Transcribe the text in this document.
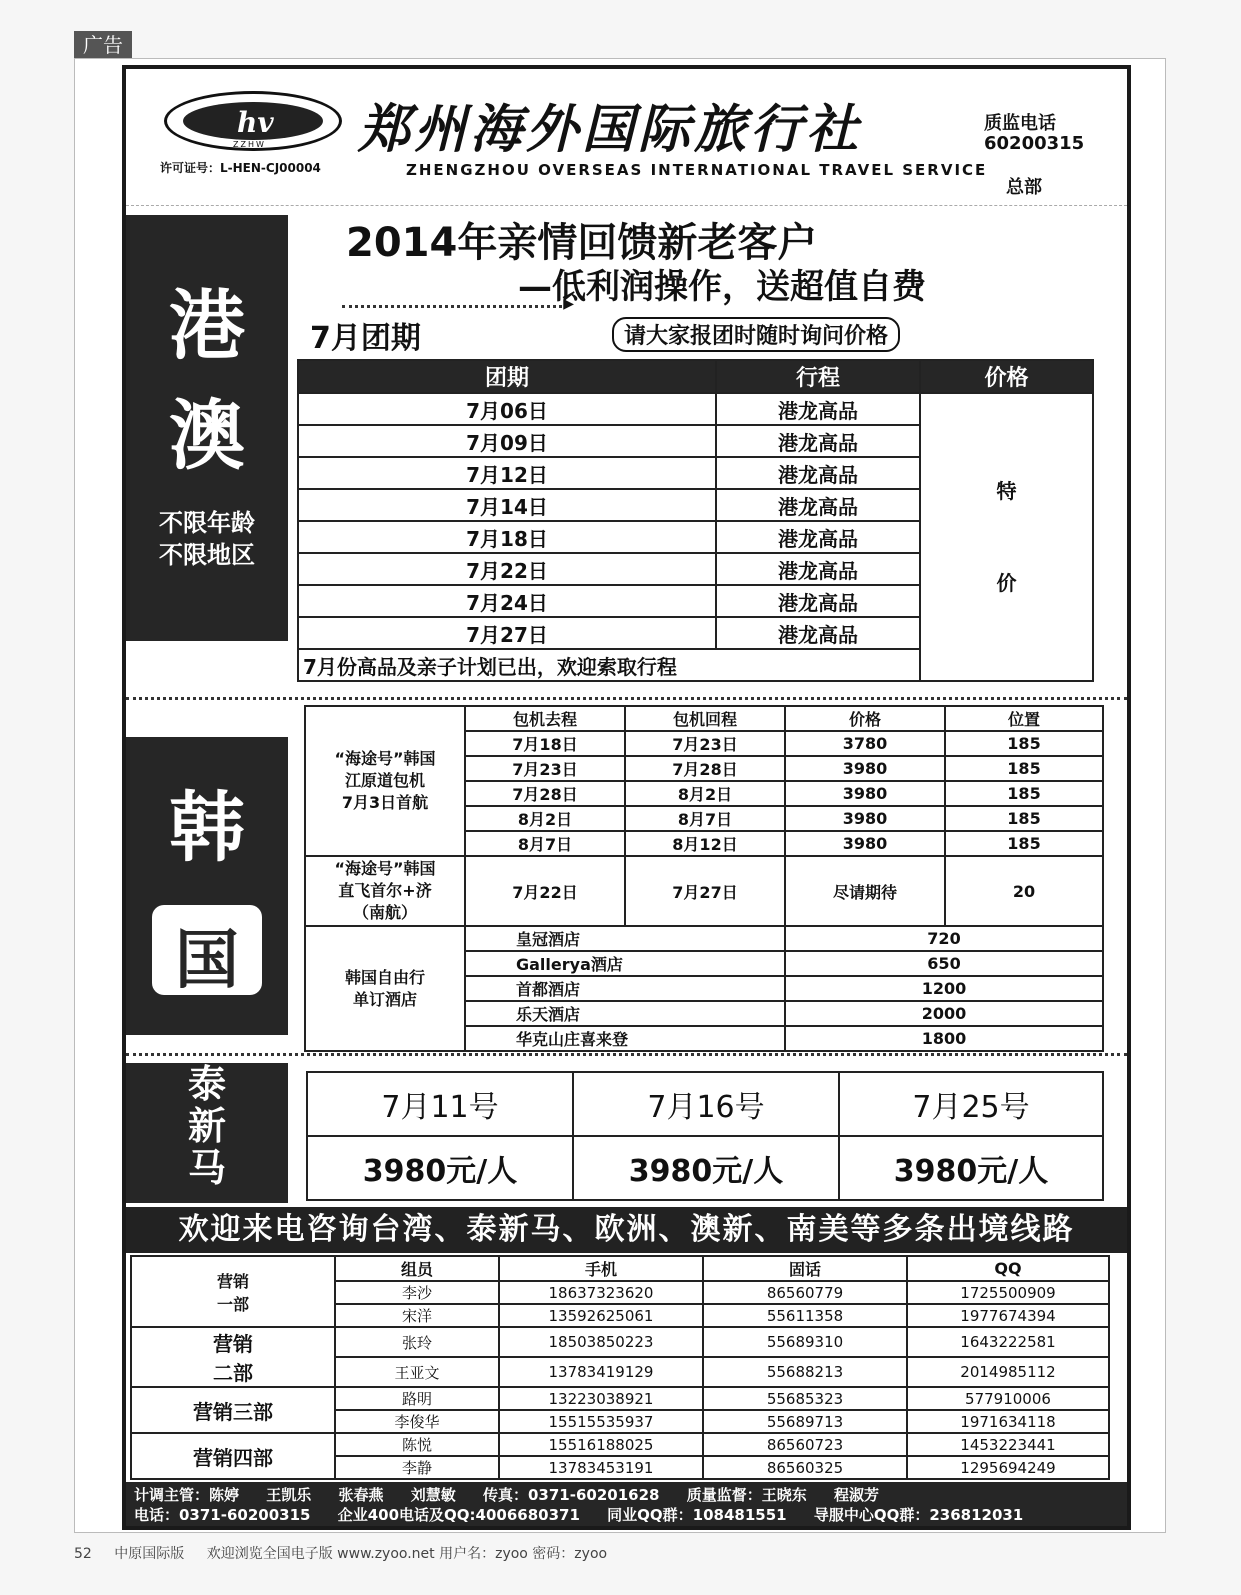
广告
hv
ZZHW
许可证号：L-HEN-CJ00004
郑州海外国际旅行社
ZHENGZHOU OVERSEAS INTERNATIONAL TRAVEL SERVICE
质监电话
60200315
总部
港
澳
不限年龄
不限地区
2014年亲情回馈新老客户
—低利润操作，送超值自费
▶
7月团期	请大家报团时随时询问价格
团期	行程	价格
7月06日	港龙高品	特价

7月09日	港龙高品	
7月12日	港龙高品	
7月14日	港龙高品	
7月18日	港龙高品	
7月22日	港龙高品	
7月24日	港龙高品	
7月27日	港龙高品	
7月份高品及亲子计划已出，欢迎索取行程		
韩
国
“海途号”韩国
江原道包机
7月3日首航	包机去程	包机回程	价格	位置
	7月18日	7月23日	3780	185
	7月23日	7月28日	3980	185
	7月28日	8月2日	3980	185
	8月2日	8月7日	3980	185
	8月7日	8月12日	3980	185
“海途号”韩国
直飞首尔+济
（南航）	7月22日	7月27日	尽请期待	20
韩国自由行
单订酒店	皇冠酒店		720	
	Gallerya酒店		650	
	首都酒店		1200	
	乐天酒店		2000	
	华克山庄喜来登		1800	
泰
新
马
7月11号	7月16号	7月25号
3980元/人	3980元/人	3980元/人
欢迎来电咨询台湾、泰新马、欧洲、澳新、南美等多条出境线路
营销
一部	组员	手机	固话	QQ
	李沙	18637323620	86560779	1725500909
	宋洋	13592625061	55611358	1977674394
营销
二部	张玲	18503850223	55689310	1643222581
	王亚文	13783419129	55688213	2014985112
营销三部	路明	13223038921	55685323	577910006
	李俊华	15515535937	55689713	1971634118
营销四部	陈悦	15516188025	86560723	1453223441
	李静	13783453191	86560325	1295694249
计调主管：陈婷 王凯乐 张春燕 刘慧敏 传真：0371-60201628 质量监督：王晓东 程淑芳
电话：0371-60200315 企业400电话及QQ:4006680371 同业QQ群：108481551 导服中心QQ群：236812031
52 中原国际版 欢迎浏览全国电子版 www.zyoo.net 用户名：zyoo 密码：zyoo
